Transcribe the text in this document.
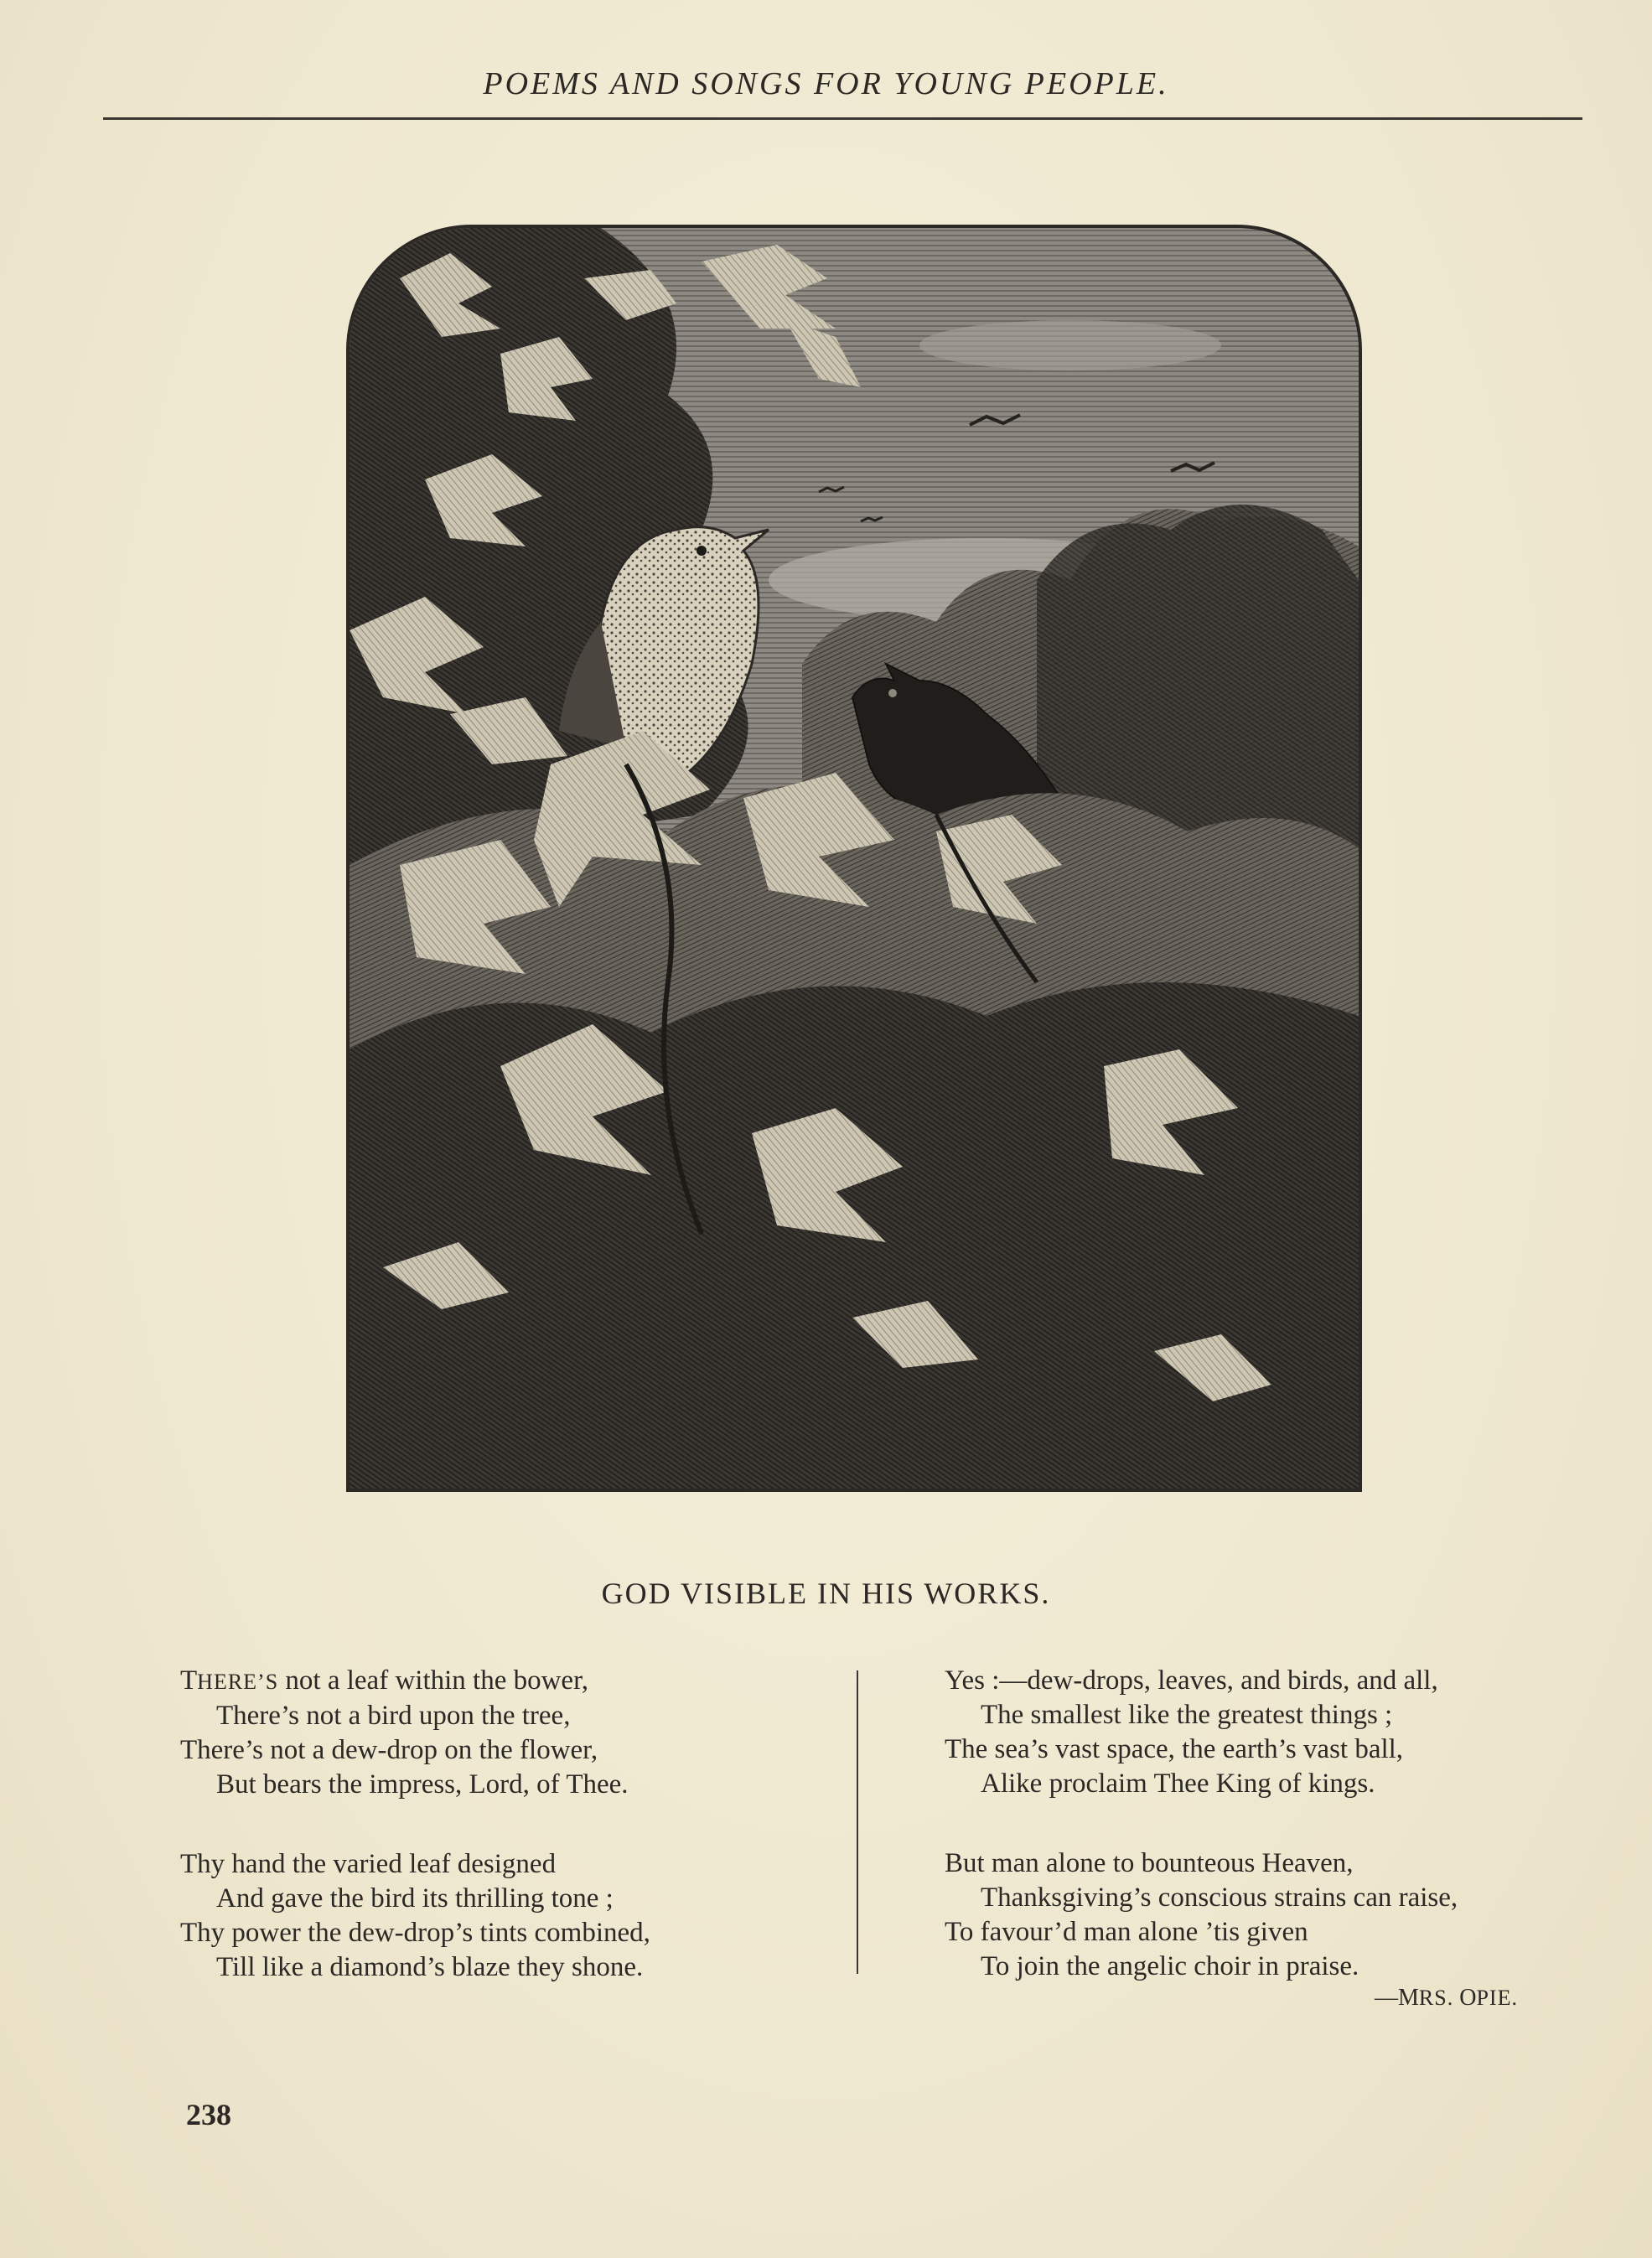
POEMS AND SONGS FOR YOUNG PEOPLE.
GOD VISIBLE IN HIS WORKS.
THERE’S not a leaf within the bower,
There’s not a bird upon the tree,
There’s not a dew-drop on the flower,
But bears the impress, Lord, of Thee.
Thy hand the varied leaf designed
And gave the bird its thrilling tone ;
Thy power the dew-drop’s tints combined,
Till like a diamond’s blaze they shone.
Yes :—dew-drops, leaves, and birds, and all,
The smallest like the greatest things ;
The sea’s vast space, the earth’s vast ball,
Alike proclaim Thee King of kings.
But man alone to bounteous Heaven,
Thanksgiving’s conscious strains can raise,
To favour’d man alone ’tis given
To join the angelic choir in praise.
—MRS. OPIE.
238
